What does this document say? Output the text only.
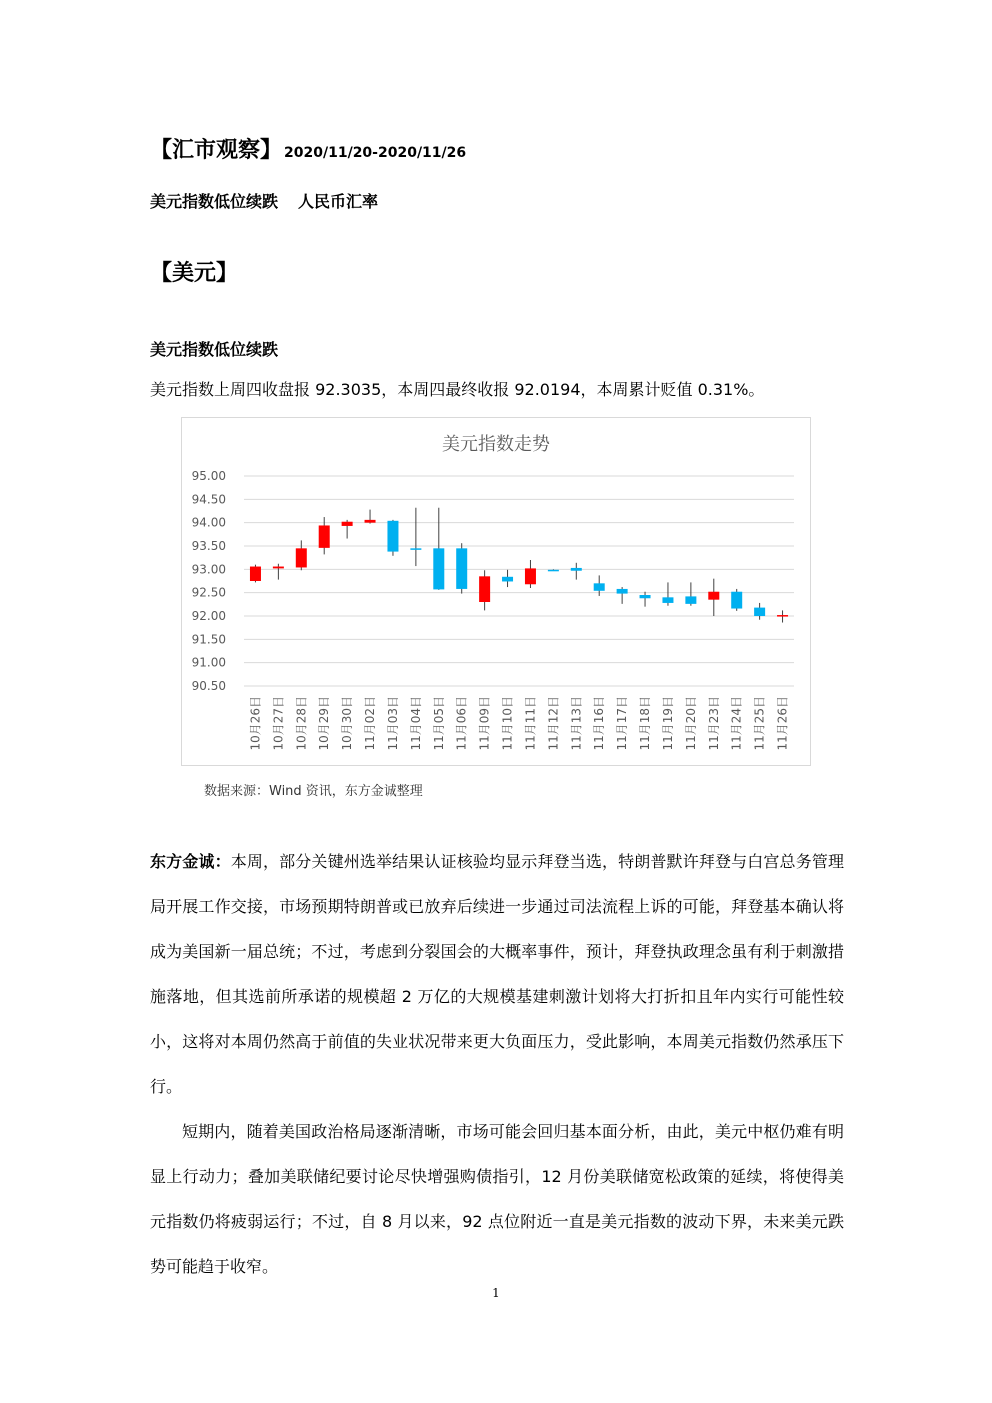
【汇市观察】 2020/11/20-2020/11/26
美元指数低位续跌 人民币汇率
【美元】
美元指数低位续跌
美元指数上周四收盘报 92.3035，本周四最终收报 92.0194，本周累计贬值 0.31%。
美元指数走势
95.00
94.50
94.00
93.50
93.00
92.50
92.00
91.50
91.00
90.50
10月26日 10月27日 10月28日 10月29日 10月30日 11月02日 11月03日 11月04日 11月05日 11月06日 11月09日 11月10日 11月11日 11月12日 11月13日 11月16日 11月17日 11月18日 11月19日 11月20日 11月23日 11月24日 11月25日 11月26日
数据来源：Wind 资讯，东方金诚整理
东方金诚：本周，部分关键州选举结果认证核验均显示拜登当选，特朗普默许拜登与白宫总务管理局开展工作交接，市场预期特朗普或已放弃后续进一步通过司法流程上诉的可能，拜登基本确认将成为美国新一届总统；不过，考虑到分裂国会的大概率事件，预计，拜登执政理念虽有利于刺激措施落地，但其选前所承诺的规模超 2 万亿的大规模基建刺激计划将大打折扣且年内实行可能性较小，这将对本周仍然高于前值的失业状况带来更大负面压力，受此影响，本周美元指数仍然承压下行。
短期内，随着美国政治格局逐渐清晰，市场可能会回归基本面分析，由此，美元中枢仍难有明显上行动力；叠加美联储纪要讨论尽快增强购债指引，12 月份美联储宽松政策的延续，将使得美元指数仍将疲弱运行；不过，自 8 月以来，92 点位附近一直是美元指数的波动下界，未来美元跌势可能趋于收窄。
1
